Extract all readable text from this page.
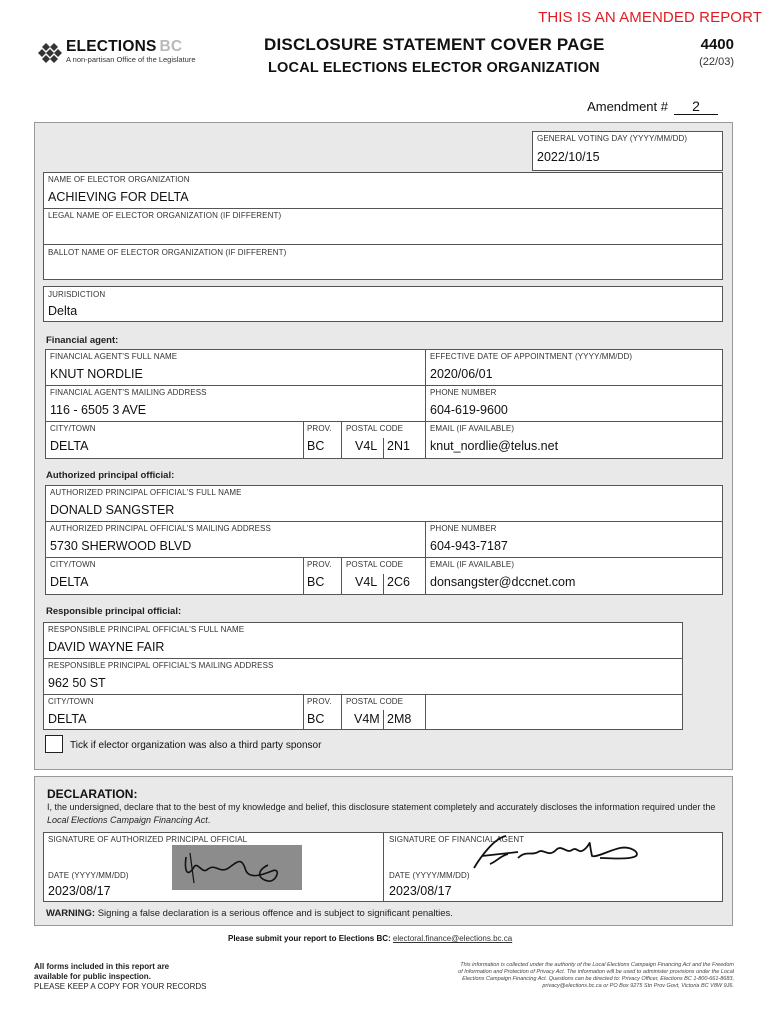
THIS IS AN AMENDED REPORT
ELECTIONS BC
A non-partisan Office of the Legislature
DISCLOSURE STATEMENT COVER PAGE
LOCAL ELECTIONS ELECTOR ORGANIZATION
4400
(22/03)
Amendment #	2
GENERAL VOTING DAY (YYYY/MM/DD)
2022/10/15
NAME OF ELECTOR ORGANIZATION
ACHIEVING FOR DELTA
LEGAL NAME OF ELECTOR ORGANIZATION (IF DIFFERENT)
BALLOT NAME OF ELECTOR ORGANIZATION (IF DIFFERENT)
JURISDICTION
Delta
Financial agent:
FINANCIAL AGENT'S FULL NAME
KNUT NORDLIE
EFFECTIVE DATE OF APPOINTMENT (YYYY/MM/DD)
2020/06/01
FINANCIAL AGENT'S MAILING ADDRESS
116 - 6505 3 AVE
PHONE NUMBER
604-619-9600
CITY/TOWN
DELTA
PROV.
BC
POSTAL CODE
V4L 2N1
EMAIL (IF AVAILABLE)
knut_nordlie@telus.net
Authorized principal official:
AUTHORIZED PRINCIPAL OFFICIAL'S FULL NAME
DONALD SANGSTER
AUTHORIZED PRINCIPAL OFFICIAL'S MAILING ADDRESS
5730 SHERWOOD BLVD
PHONE NUMBER
604-943-7187
CITY/TOWN
DELTA
PROV.
BC
POSTAL CODE
V4L 2C6
EMAIL (IF AVAILABLE)
donsangster@dccnet.com
Responsible principal official:
RESPONSIBLE PRINCIPAL OFFICIAL'S FULL NAME
DAVID WAYNE FAIR
RESPONSIBLE PRINCIPAL OFFICIAL'S MAILING ADDRESS
962 50 ST
CITY/TOWN
DELTA
PROV.
BC
POSTAL CODE
V4M 2M8
Tick if elector organization was also a third party sponsor
DECLARATION:
I, the undersigned, declare that to the best of my knowledge and belief, this disclosure statement completely and accurately discloses the information required under the Local Elections Campaign Financing Act.
SIGNATURE OF AUTHORIZED PRINCIPAL OFFICIAL	SIGNATURE OF FINANCIAL AGENT
DATE (YYYY/MM/DD)
2023/08/17
DATE (YYYY/MM/DD)
2023/08/17
WARNING: Signing a false declaration is a serious offence and is subject to significant penalties.
Please submit your report to Elections BC: electoral.finance@elections.bc.ca
All forms included in this report are
available for public inspection.
PLEASE KEEP A COPY FOR YOUR RECORDS
This information is collected under the authority of the Local Elections Campaign Financing Act and the Freedom
of Information and Protection of Privacy Act. The information will be used to administer provisions under the Local
Elections Campaign Financing Act. Questions can be directed to: Privacy Officer, Elections BC 1-800-661-8683,
privacy@elections.bc.ca or PO Box 9275 Stn Prov Govt, Victoria BC V8W 9J6.
